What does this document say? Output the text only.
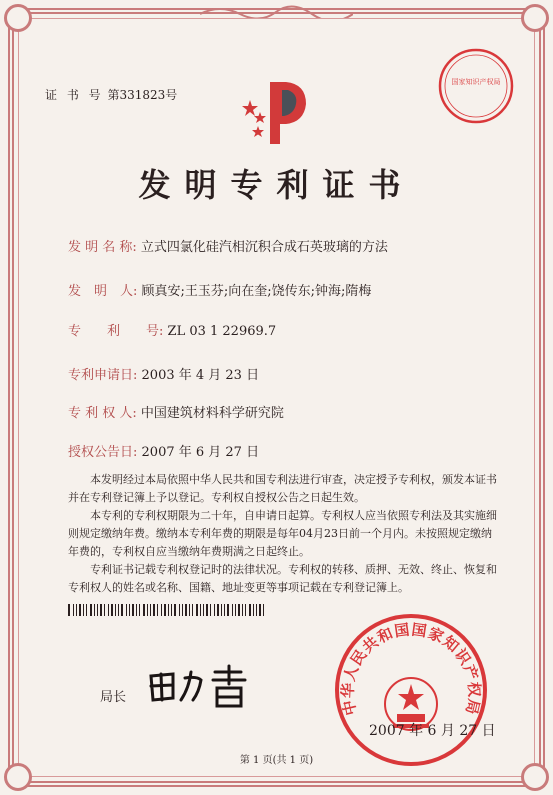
证 书 号 第331823号
国家知识产权局
发明专利证书
发 明 名 称: 立式四氯化硅汽相沉积合成石英玻璃的方法
发　明　人: 顾真安;王玉芬;向在奎;饶传东;钟海;隋梅
专　　利　　号: ZL 03 1 22969.7
专利申请日: 2003 年 4 月 23 日
专 利 权 人: 中国建筑材料科学研究院
授权公告日: 2007 年 6 月 27 日

本发明经过本局依照中华人民共和国专利法进行审查，决定授予专利权，颁发本证书并在专利登记簿上予以登记。专利权自授权公告之日起生效。

本专利的专利权期限为二十年，自申请日起算。专利权人应当依照专利法及其实施细则规定缴纳年费。缴纳本专利年费的期限是每年04月23日前一个月内。未按照规定缴纳年费的，专利权自应当缴纳年费期满之日起终止。

专利证书记载专利权登记时的法律状况。专利权的转移、质押、无效、终止、恢复和专利权人的姓名或名称、国籍、地址变更等事项记载在专利登记簿上。

局长	中华人民共和国国家知识产权局
2007 年 6 月 27 日
第 1 页(共 1 页)
